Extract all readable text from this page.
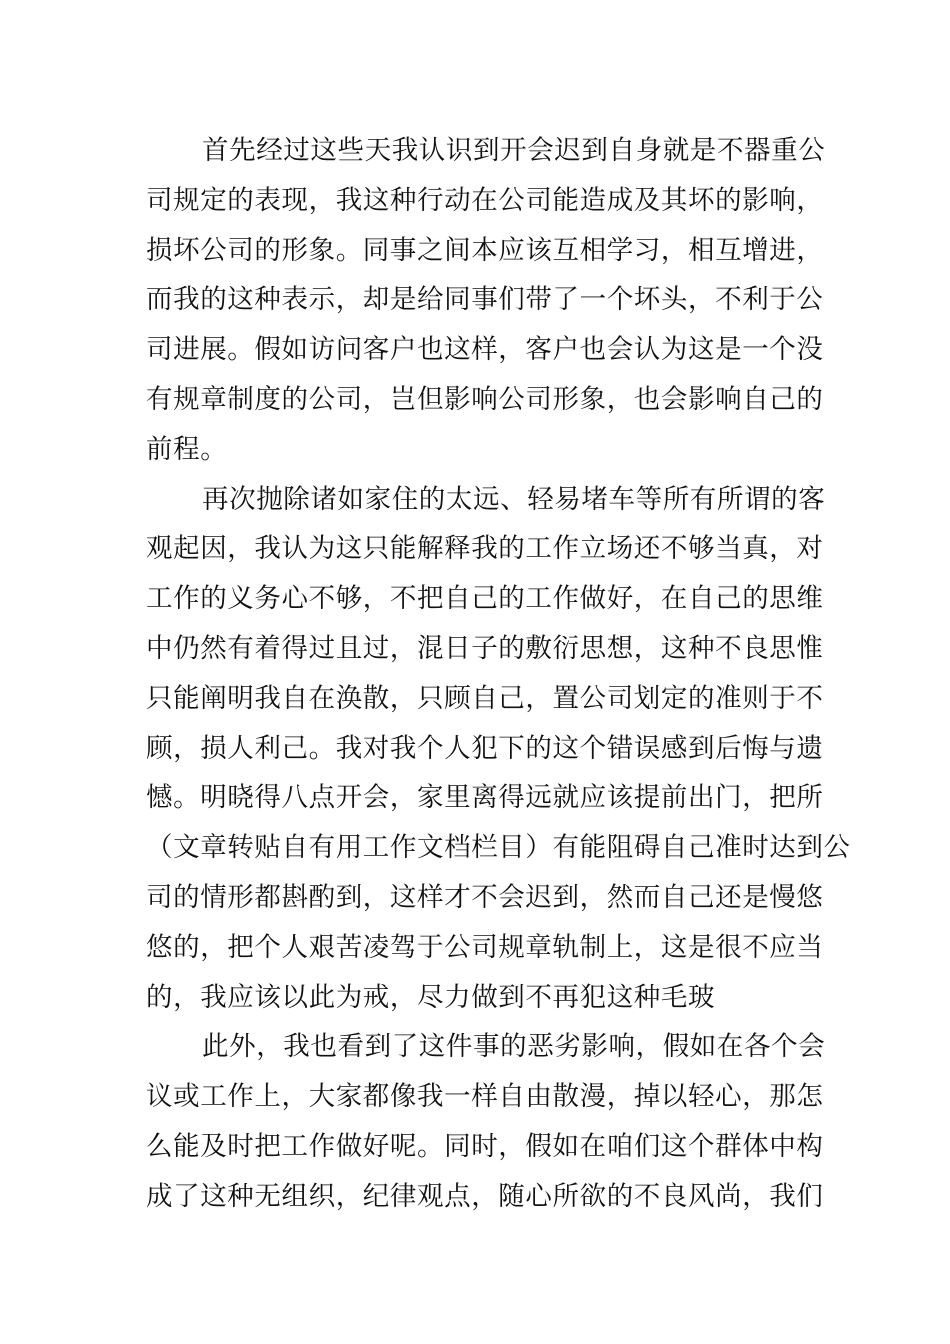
首先经过这些天我认识到开会迟到自身就是不器重公
司规定的表现，我这种行动在公司能造成及其坏的影响，
损坏公司的形象。同事之间本应该互相学习，相互增进，
而我的这种表示，却是给同事们带了一个坏头，不利于公
司进展。假如访问客户也这样，客户也会认为这是一个没
有规章制度的公司，岂但影响公司形象，也会影响自己的
前程。
再次抛除诸如家住的太远、轻易堵车等所有所谓的客
观起因，我认为这只能解释我的工作立场还不够当真，对
工作的义务心不够，不把自己的工作做好，在自己的思维
中仍然有着得过且过，混日子的敷衍思想，这种不良思惟
只能阐明我自在涣散，只顾自己，置公司划定的准则于不
顾，损人利己。我对我个人犯下的这个错误感到后悔与遗
憾。明晓得八点开会，家里离得远就应该提前出门，把所
（文章转贴自有用工作文档栏目）有能阻碍自己准时达到公
司的情形都斟酌到，这样才不会迟到，然而自己还是慢悠
悠的，把个人艰苦凌驾于公司规章轨制上，这是很不应当
的，我应该以此为戒，尽力做到不再犯这种毛玻
此外，我也看到了这件事的恶劣影响，假如在各个会
议或工作上，大家都像我一样自由散漫，掉以轻心，那怎
么能及时把工作做好呢。同时，假如在咱们这个群体中构
成了这种无组织，纪律观点，随心所欲的不良风尚，我们
